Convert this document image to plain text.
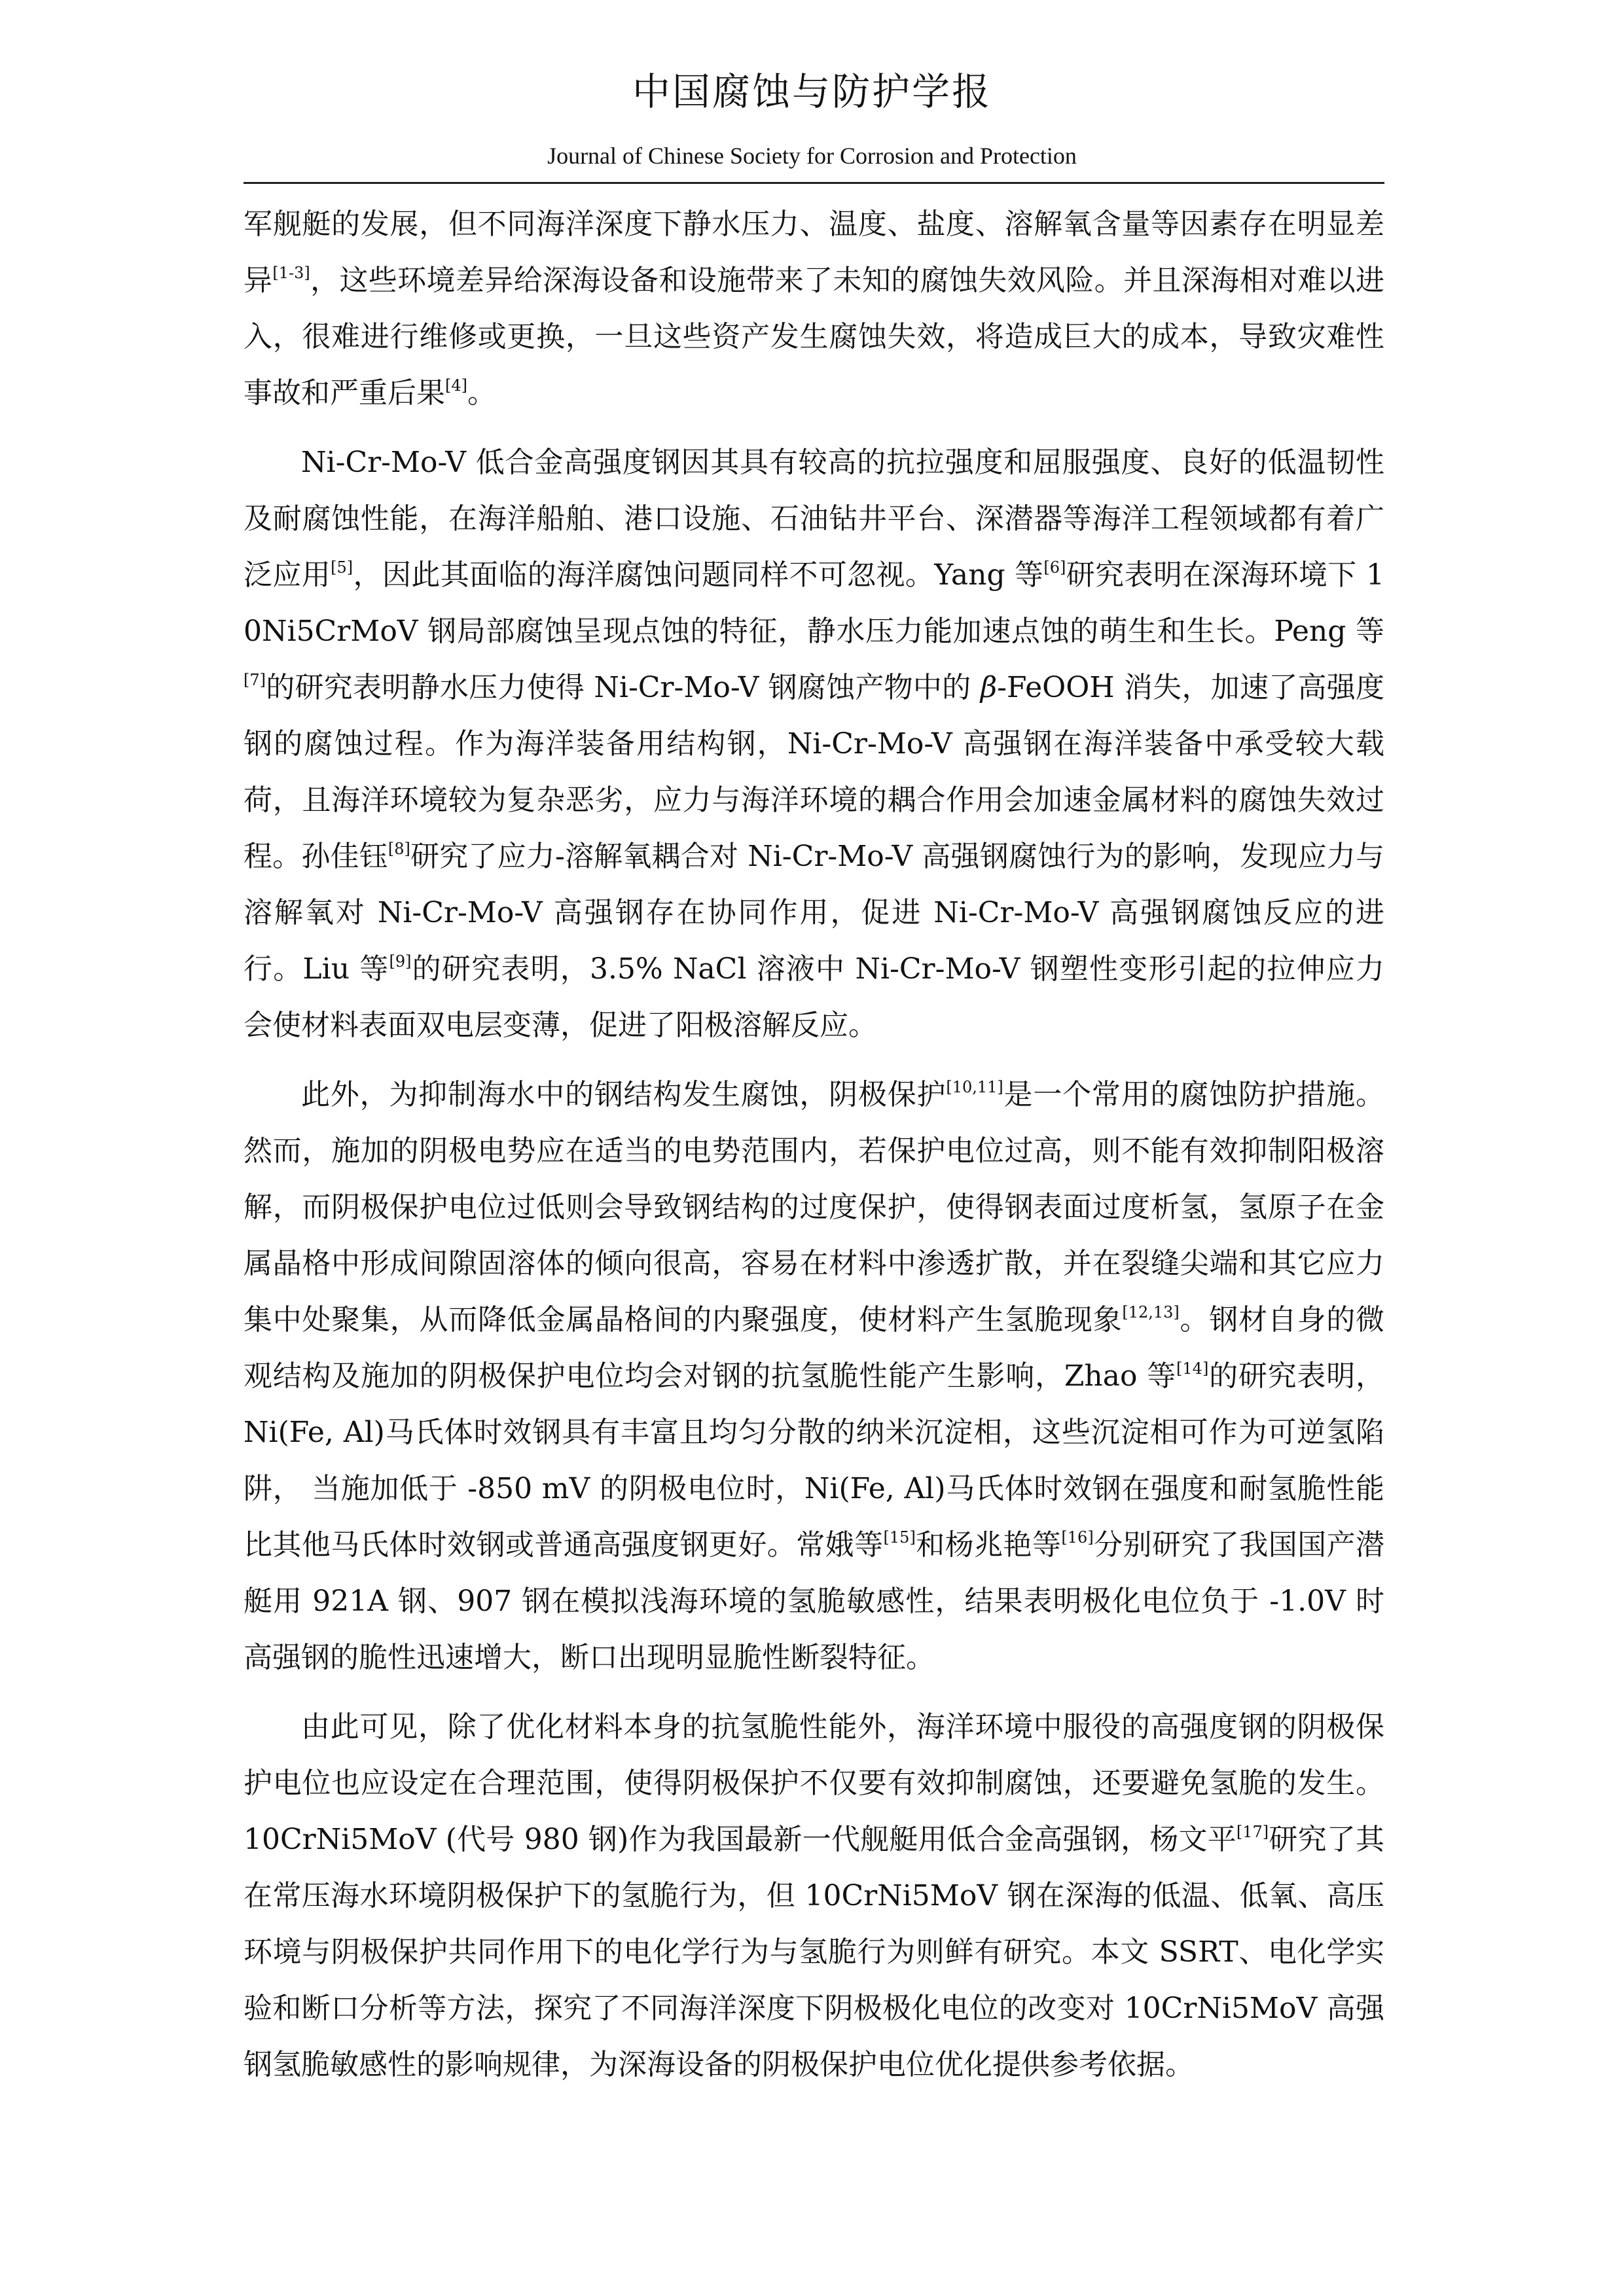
中国腐蚀与防护学报
Journal of Chinese Society for Corrosion and Protection

军舰艇的发展，但不同海洋深度下静水压力、温度、盐度、溶解氧含量等因素存在明显差异[1-3]，这些环境差异给深海设备和设施带来了未知的腐蚀失效风险。并且深海相对难以进入，很难进行维修或更换，一旦这些资产发生腐蚀失效，将造成巨大的成本，导致灾难性事故和严重后果[4]。

Ni-Cr-Mo-V 低合金高强度钢因其具有较高的抗拉强度和屈服强度、良好的低温韧性及耐腐蚀性能，在海洋船舶、港口设施、石油钻井平台、深潜器等海洋工程领域都有着广泛应用[5]，因此其面临的海洋腐蚀问题同样不可忽视。Yang 等[6]研究表明在深海环境下 10Ni5CrMoV 钢局部腐蚀呈现点蚀的特征，静水压力能加速点蚀的萌生和生长。Peng 等[7]的研究表明静水压力使得 Ni-Cr-Mo-V 钢腐蚀产物中的 β-FeOOH 消失，加速了高强度钢的腐蚀过程。作为海洋装备用结构钢，Ni-Cr-Mo-V 高强钢在海洋装备中承受较大载荷，且海洋环境较为复杂恶劣，应力与海洋环境的耦合作用会加速金属材料的腐蚀失效过程。孙佳钰[8]研究了应力-溶解氧耦合对 Ni-Cr-Mo-V 高强钢腐蚀行为的影响，发现应力与溶解氧对 Ni-Cr-Mo-V 高强钢存在协同作用，促进 Ni-Cr-Mo-V 高强钢腐蚀反应的进行。Liu 等[9]的研究表明，3.5% NaCl 溶液中 Ni-Cr-Mo-V 钢塑性变形引起的拉伸应力会使材料表面双电层变薄，促进了阳极溶解反应。

此外，为抑制海水中的钢结构发生腐蚀，阴极保护[10,11]是一个常用的腐蚀防护措施。然而，施加的阴极电势应在适当的电势范围内，若保护电位过高，则不能有效抑制阳极溶解，而阴极保护电位过低则会导致钢结构的过度保护，使得钢表面过度析氢，氢原子在金属晶格中形成间隙固溶体的倾向很高，容易在材料中渗透扩散，并在裂缝尖端和其它应力集中处聚集，从而降低金属晶格间的内聚强度，使材料产生氢脆现象[12,13]。钢材自身的微观结构及施加的阴极保护电位均会对钢的抗氢脆性能产生影响，Zhao 等[14]的研究表明，Ni(Fe, Al)马氏体时效钢具有丰富且均匀分散的纳米沉淀相，这些沉淀相可作为可逆氢陷阱， 当施加低于 -850 mV 的阴极电位时，Ni(Fe, Al)马氏体时效钢在强度和耐氢脆性能比其他马氏体时效钢或普通高强度钢更好。常娥等[15]和杨兆艳等[16]分别研究了我国国产潜艇用 921A 钢、907 钢在模拟浅海环境的氢脆敏感性，结果表明极化电位负于 -1.0V 时高强钢的脆性迅速增大，断口出现明显脆性断裂特征。

由此可见，除了优化材料本身的抗氢脆性能外，海洋环境中服役的高强度钢的阴极保护电位也应设定在合理范围，使得阴极保护不仅要有效抑制腐蚀，还要避免氢脆的发生。10CrNi5MoV (代号 980 钢)作为我国最新一代舰艇用低合金高强钢，杨文平[17]研究了其在常压海水环境阴极保护下的氢脆行为，但 10CrNi5MoV 钢在深海的低温、低氧、高压环境与阴极保护共同作用下的电化学行为与氢脆行为则鲜有研究。本文 SSRT、电化学实验和断口分析等方法，探究了不同海洋深度下阴极极化电位的改变对 10CrNi5MoV 高强钢氢脆敏感性的影响规律，为深海设备的阴极保护电位优化提供参考依据。
